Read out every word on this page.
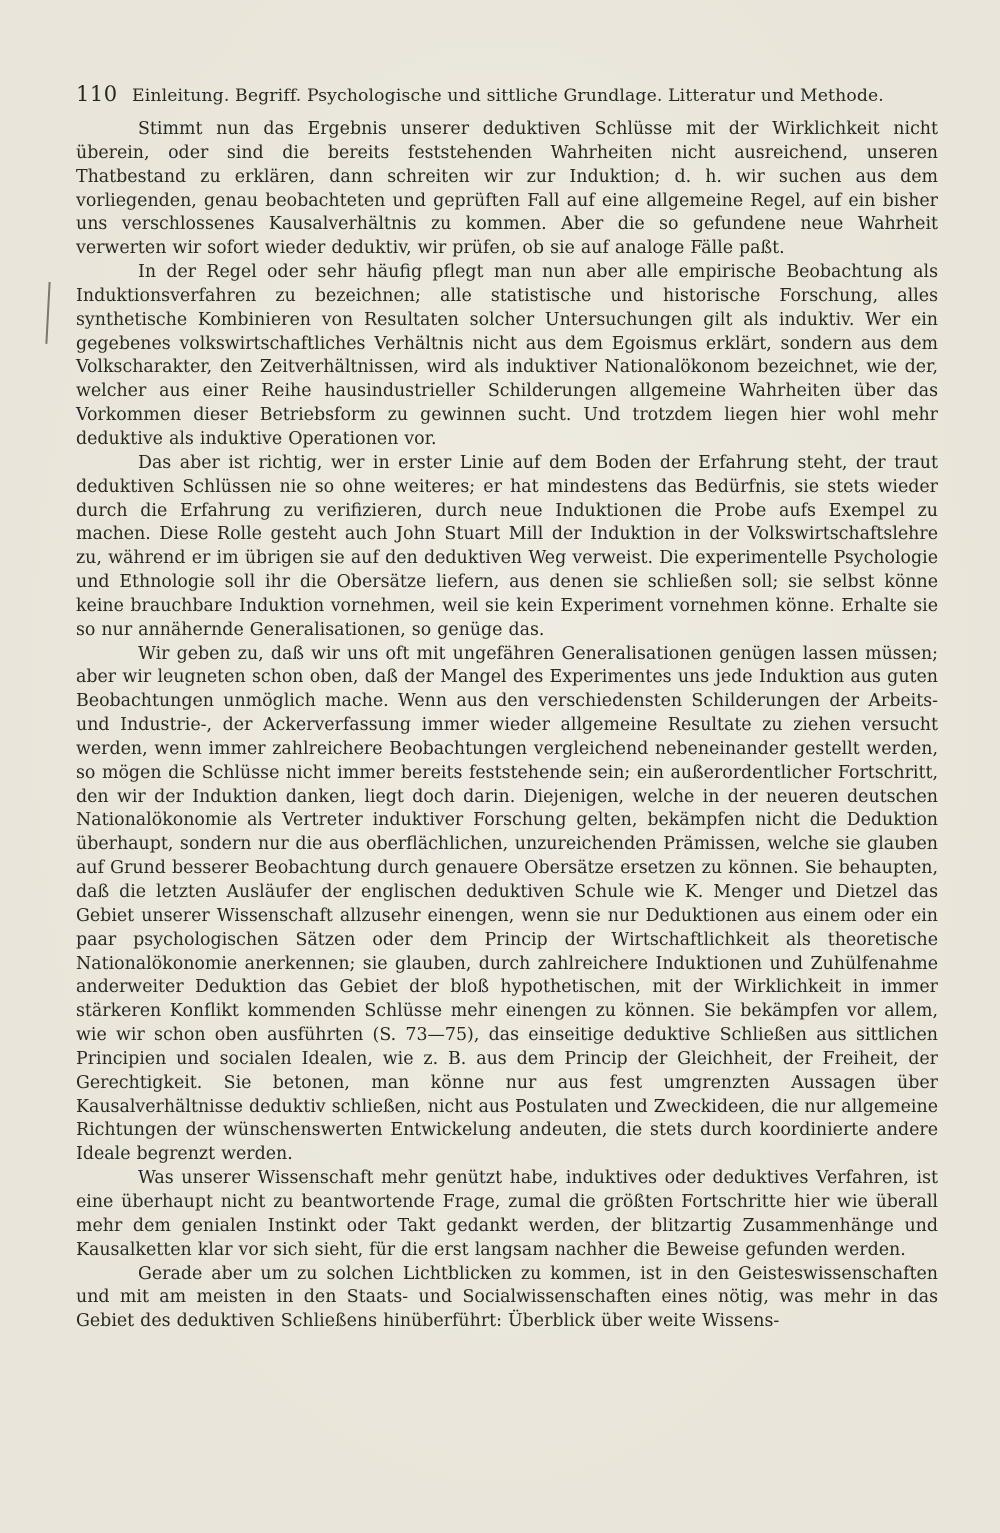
110 Einleitung. Begriff. Psychologische und sittliche Grundlage. Litteratur und Methode.

Stimmt nun das Ergebnis unserer deduktiven Schlüsse mit der Wirklichkeit nicht überein, oder sind die bereits feststehenden Wahrheiten nicht ausreichend, unseren Thatbestand zu erklären, dann schreiten wir zur Induktion; d. h. wir suchen aus dem vorliegenden, genau beobachteten und geprüften Fall auf eine allgemeine Regel, auf ein bisher uns verschlossenes Kausalverhältnis zu kommen. Aber die so gefundene neue Wahrheit verwerten wir sofort wieder deduktiv, wir prüfen, ob sie auf analoge Fälle paßt.

In der Regel oder sehr häufig pflegt man nun aber alle empirische Beobachtung als Induktionsverfahren zu bezeichnen; alle statistische und historische Forschung, alles synthetische Kombinieren von Resultaten solcher Untersuchungen gilt als induktiv. Wer ein gegebenes volkswirtschaftliches Verhältnis nicht aus dem Egoismus erklärt, sondern aus dem Volkscharakter, den Zeitverhältnissen, wird als induktiver Nationalökonom bezeichnet, wie der, welcher aus einer Reihe hausindustrieller Schilderungen allgemeine Wahrheiten über das Vorkommen dieser Betriebsform zu gewinnen sucht. Und trotzdem liegen hier wohl mehr deduktive als induktive Operationen vor.

Das aber ist richtig, wer in erster Linie auf dem Boden der Erfahrung steht, der traut deduktiven Schlüssen nie so ohne weiteres; er hat mindestens das Bedürfnis, sie stets wieder durch die Erfahrung zu verifizieren, durch neue Induktionen die Probe aufs Exempel zu machen. Diese Rolle gesteht auch John Stuart Mill der Induktion in der Volkswirtschaftslehre zu, während er im übrigen sie auf den deduktiven Weg verweist. Die experimentelle Psychologie und Ethnologie soll ihr die Obersätze liefern, aus denen sie schließen soll; sie selbst könne keine brauchbare Induktion vornehmen, weil sie kein Experiment vornehmen könne. Erhalte sie so nur annähernde Generalisationen, so genüge das.

Wir geben zu, daß wir uns oft mit ungefähren Generalisationen genügen lassen müssen; aber wir leugneten schon oben, daß der Mangel des Experimentes uns jede Induktion aus guten Beobachtungen unmöglich mache. Wenn aus den verschiedensten Schilderungen der Arbeits- und Industrie-, der Ackerverfassung immer wieder allgemeine Resultate zu ziehen versucht werden, wenn immer zahlreichere Beobachtungen vergleichend nebeneinander gestellt werden, so mögen die Schlüsse nicht immer bereits feststehende sein; ein außerordentlicher Fortschritt, den wir der Induktion danken, liegt doch darin. Diejenigen, welche in der neueren deutschen Nationalökonomie als Vertreter induktiver Forschung gelten, bekämpfen nicht die Deduktion überhaupt, sondern nur die aus oberflächlichen, unzureichenden Prämissen, welche sie glauben auf Grund besserer Beobachtung durch genauere Obersätze ersetzen zu können. Sie behaupten, daß die letzten Ausläufer der englischen deduktiven Schule wie K. Menger und Dietzel das Gebiet unserer Wissenschaft allzusehr einengen, wenn sie nur Deduktionen aus einem oder ein paar psychologischen Sätzen oder dem Princip der Wirtschaftlichkeit als theoretische Nationalökonomie anerkennen; sie glauben, durch zahlreichere Induktionen und Zuhülfenahme anderweiter Deduktion das Gebiet der bloß hypothetischen, mit der Wirklichkeit in immer stärkeren Konflikt kommenden Schlüsse mehr einengen zu können. Sie bekämpfen vor allem, wie wir schon oben ausführten (S. 73—75), das einseitige deduktive Schließen aus sittlichen Principien und socialen Idealen, wie z. B. aus dem Princip der Gleichheit, der Freiheit, der Gerechtigkeit. Sie betonen, man könne nur aus fest umgrenzten Aussagen über Kausalverhältnisse deduktiv schließen, nicht aus Postulaten und Zweckideen, die nur allgemeine Richtungen der wünschenswerten Entwickelung andeuten, die stets durch koordinierte andere Ideale begrenzt werden.

Was unserer Wissenschaft mehr genützt habe, induktives oder deduktives Verfahren, ist eine überhaupt nicht zu beantwortende Frage, zumal die größten Fortschritte hier wie überall mehr dem genialen Instinkt oder Takt gedankt werden, der blitzartig Zusammenhänge und Kausalketten klar vor sich sieht, für die erst langsam nachher die Beweise gefunden werden.

Gerade aber um zu solchen Lichtblicken zu kommen, ist in den Geisteswissenschaften und mit am meisten in den Staats- und Socialwissenschaften eines nötig, was mehr in das Gebiet des deduktiven Schließens hinüberführt: Überblick über weite Wissens-
